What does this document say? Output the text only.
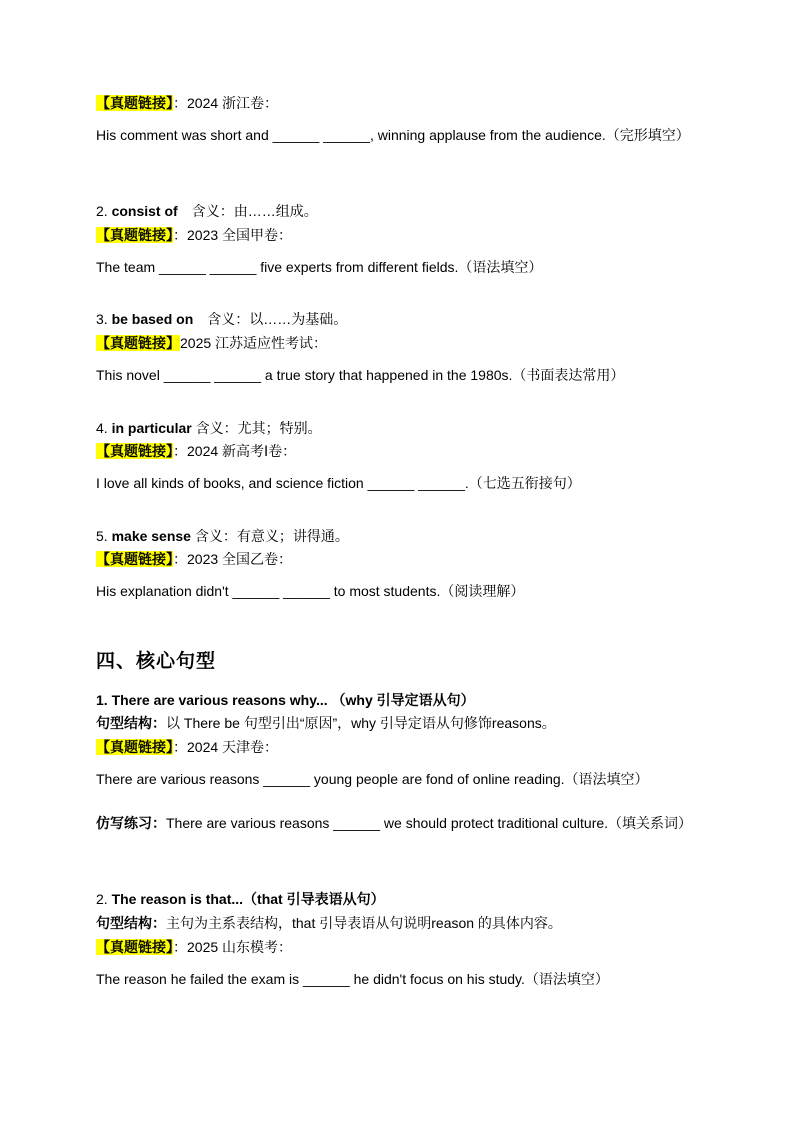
【真题链接】：2024 浙江卷：
His comment was short and ______ ______, winning applause from the audience.（完形填空）
2. consist of　含义：由……组成。
【真题链接】：2023 全国甲卷：
The team ______ ______ five experts from different fields.（语法填空）
3. be based on　含义：以……为基础。
【真题链接】2025 江苏适应性考试：
This novel ______ ______ a true story that happened in the 1980s.（书面表达常用）
4. in particular 含义：尤其；特别。
【真题链接】：2024 新高考Ⅰ卷：
I love all kinds of books, and science fiction ______ ______.（七选五衔接句）
5. make sense 含义：有意义；讲得通。
【真题链接】：2023 全国乙卷：
His explanation didn't ______ ______ to most students.（阅读理解）
四、核心句型
1. There are various reasons why... （why 引导定语从句）
句型结构：以 There be 句型引出“原因”，why 引导定语从句修饰reasons。
【真题链接】：2024 天津卷：
There are various reasons ______ young people are fond of online reading.（语法填空）
仿写练习：There are various reasons ______ we should protect traditional culture.（填关系词）
2. The reason is that...（that 引导表语从句）
句型结构：主句为主系表结构，that 引导表语从句说明reason 的具体内容。
【真题链接】：2025 山东模考：
The reason he failed the exam is ______ he didn't focus on his study.（语法填空）
